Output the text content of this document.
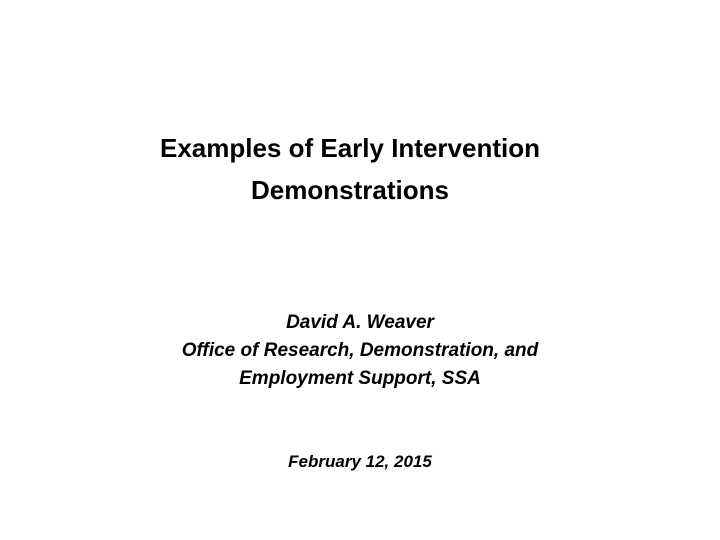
Examples of Early Intervention
Demonstrations
David A. Weaver
Office of Research, Demonstration, and
Employment Support, SSA
February 12, 2015
